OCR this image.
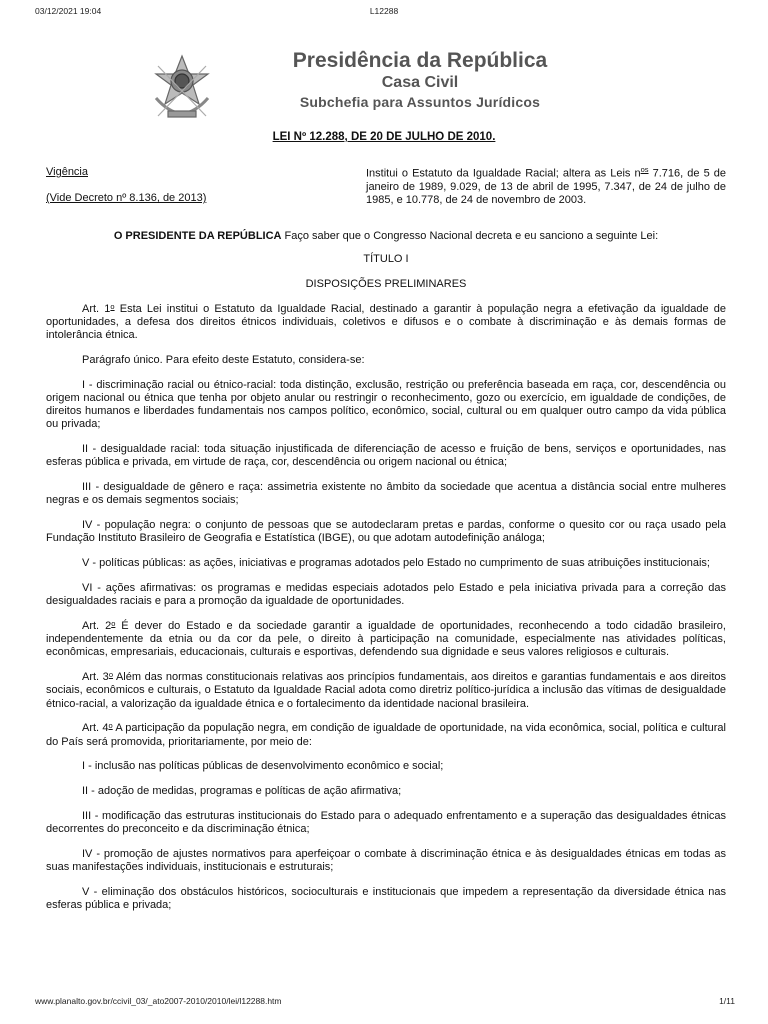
03/12/2021 19:04	L12288
Presidência da República
Casa Civil
Subchefia para Assuntos Jurídicos
LEI Nº 12.288, DE 20 DE JULHO DE 2010.
Vigência
(Vide Decreto nº 8.136, de 2013)
Institui o Estatuto da Igualdade Racial; altera as Leis $n^{os}$ 7.716, de 5 de janeiro de 1989, 9.029, de 13 de abril de 1995, 7.347, de 24 de julho de 1985, e 10.778, de 24 de novembro de 2003.

O PRESIDENTE DA REPÚBLICA Faço saber que o Congresso Nacional decreta e eu sanciono a seguinte Lei:

TÍTULO I

DISPOSIÇÕES PRELIMINARES

Art. 1$^o$ Esta Lei institui o Estatuto da Igualdade Racial, destinado a garantir à população negra a efetivação da igualdade de oportunidades, a defesa dos direitos étnicos individuais, coletivos e difusos e o combate à discriminação e às demais formas de intolerância étnica.

Parágrafo único. Para efeito deste Estatuto, considera-se:

I - discriminação racial ou étnico-racial: toda distinção, exclusão, restrição ou preferência baseada em raça, cor, descendência ou origem nacional ou étnica que tenha por objeto anular ou restringir o reconhecimento, gozo ou exercício, em igualdade de condições, de direitos humanos e liberdades fundamentais nos campos político, econômico, social, cultural ou em qualquer outro campo da vida pública ou privada;

II - desigualdade racial: toda situação injustificada de diferenciação de acesso e fruição de bens, serviços e oportunidades, nas esferas pública e privada, em virtude de raça, cor, descendência ou origem nacional ou étnica;

III - desigualdade de gênero e raça: assimetria existente no âmbito da sociedade que acentua a distância social entre mulheres negras e os demais segmentos sociais;

IV - população negra: o conjunto de pessoas que se autodeclaram pretas e pardas, conforme o quesito cor ou raça usado pela Fundação Instituto Brasileiro de Geografia e Estatística (IBGE), ou que adotam autodefinição análoga;

V - políticas públicas: as ações, iniciativas e programas adotados pelo Estado no cumprimento de suas atribuições institucionais;

VI - ações afirmativas: os programas e medidas especiais adotados pelo Estado e pela iniciativa privada para a correção das desigualdades raciais e para a promoção da igualdade de oportunidades.

Art. 2$^o$ É dever do Estado e da sociedade garantir a igualdade de oportunidades, reconhecendo a todo cidadão brasileiro, independentemente da etnia ou da cor da pele, o direito à participação na comunidade, especialmente nas atividades políticas, econômicas, empresariais, educacionais, culturais e esportivas, defendendo sua dignidade e seus valores religiosos e culturais.

Art. 3$^o$ Além das normas constitucionais relativas aos princípios fundamentais, aos direitos e garantias fundamentais e aos direitos sociais, econômicos e culturais, o Estatuto da Igualdade Racial adota como diretriz político-jurídica a inclusão das vítimas de desigualdade étnico-racial, a valorização da igualdade étnica e o fortalecimento da identidade nacional brasileira.

Art. 4$^o$ A participação da população negra, em condição de igualdade de oportunidade, na vida econômica, social, política e cultural do País será promovida, prioritariamente, por meio de:

I - inclusão nas políticas públicas de desenvolvimento econômico e social;

II - adoção de medidas, programas e políticas de ação afirmativa;

III - modificação das estruturas institucionais do Estado para o adequado enfrentamento e a superação das desigualdades étnicas decorrentes do preconceito e da discriminação étnica;

IV - promoção de ajustes normativos para aperfeiçoar o combate à discriminação étnica e às desigualdades étnicas em todas as suas manifestações individuais, institucionais e estruturais;

V - eliminação dos obstáculos históricos, socioculturais e institucionais que impedem a representação da diversidade étnica nas esferas pública e privada;

www.planalto.gov.br/ccivil_03/_ato2007-2010/2010/lei/l12288.htm	1/11
